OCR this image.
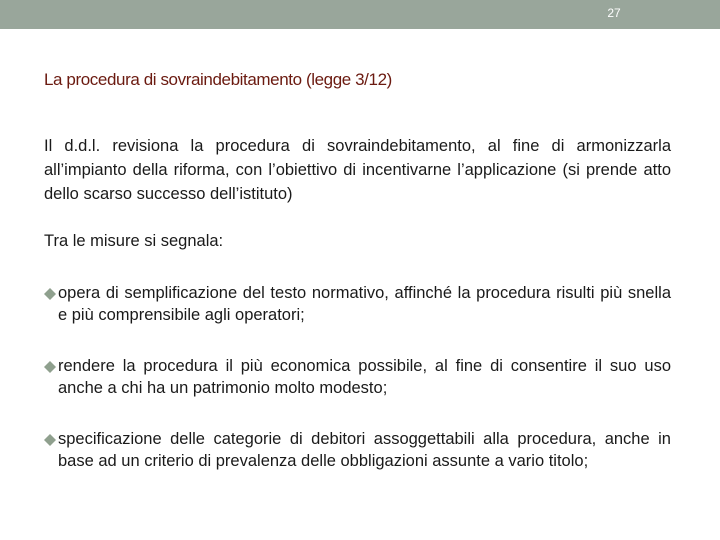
27
La procedura di sovraindebitamento (legge 3/12)

Il d.d.l. revisiona la procedura di sovraindebitamento, al fine di armonizzarla all’impianto della riforma, con l’obiettivo di incentivarne l’applicazione (si prende atto dello scarso successo dell’istituto)

Tra le misure si segnala:

opera di semplificazione del testo normativo, affinché la procedura risulti più snella e più comprensibile agli operatori;
rendere la procedura il più economica possibile, al fine di consentire il suo uso anche a chi ha un patrimonio molto modesto;
specificazione delle categorie di debitori assoggettabili alla procedura, anche in base ad un criterio di prevalenza delle obbligazioni assunte a vario titolo;
